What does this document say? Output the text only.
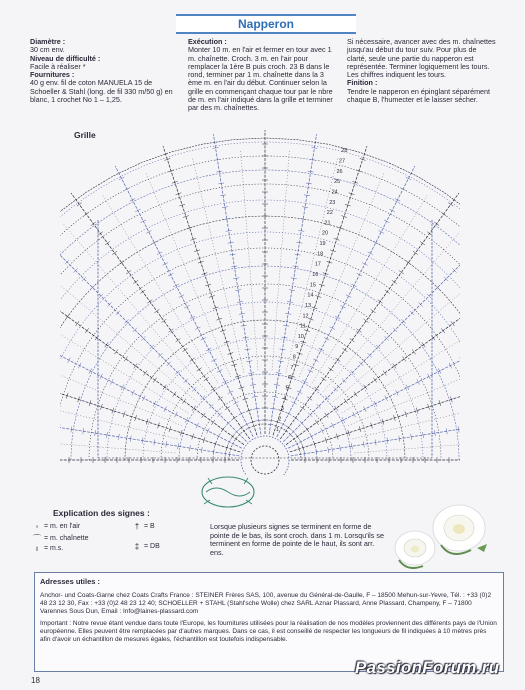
Napperon
Diamètre :
30 cm env.
Niveau de difficulté :
Facile à réaliser *
Fournitures :
40 g env. fil de coton MANUELA 15 de Schoeller & Stahl (long. de fil 330 m/50 g) en blanc, 1 crochet No 1 – 1,25.
Exécution :
Monter 10 m. en l'air et fermer en tour avec 1 m. chaînette. Croch. 3 m. en l'air pour remplacer la 1ère B puis croch. 23 B dans le rond, terminer par 1 m. chaînette dans la 3 ème m. en l'air du début. Continuer selon la grille en commençant chaque tour par le nbre de m. en l'air indiqué dans la grille et terminer par des m. chaînettes.
Si nécessaire, avancer avec des m. chaînettes jusqu'au début du tour suiv. Pour plus de clarté, seule une partie du napperon est représentée. Terminer logiquement les tours. Les chiffres indiquent les tours.
Finition :
Tendre le napperon en épinglant séparément chaque B, l'humecter et le laisser sécher.
1
2
3
4
5
6
7
8
9
10
11
12
13
14
15
16
17
18
19
20
21
22
23
24
25
26
27
28
Grille
Explication des signes :
◦ = m. en l'air
⌒ = m. chaînette
ı = m.s.
† = B
‡ = DB
Lorsque plusieurs signes se terminent en forme de pointe de le bas, ils sont croch. dans 1 m. Lorsqu'ils se terminent en forme de pointe de le haut, ils sont arr. ens.
Adresses utiles :
Anchor- und Coats-Garne chez Coats Crafts France : STEINER Frères SAS, 100, avenue du Général-de-Gaulle, F – 18500 Mehun-sur-Yevre, Tél. : +33 (0)2 48 23 12 30, Fax : +33 (0)2 48 23 12 40; SCHOELLER + STAHL (Stahl'sche Wolle) chez SARL Aznar Plassard, Anne Plassard, Champeny, F – 71800 Varennes Sous Dun, Email : Info@laines-plassard.com
Important : Notre revue étant vendue dans toute l'Europe, les fournitures utilisées pour la réalisation de nos modèles proviennent des différents pays de l'Union européenne. Elles peuvent être remplacées par d'autres marques. Dans ce cas, il est conseillé de respecter les longueurs de fil indiquées à 10 mètres près afin d'avoir un échantillon de mesures égales, l'échantillon est toutefois indispensable.
18
PassionForum.ru
